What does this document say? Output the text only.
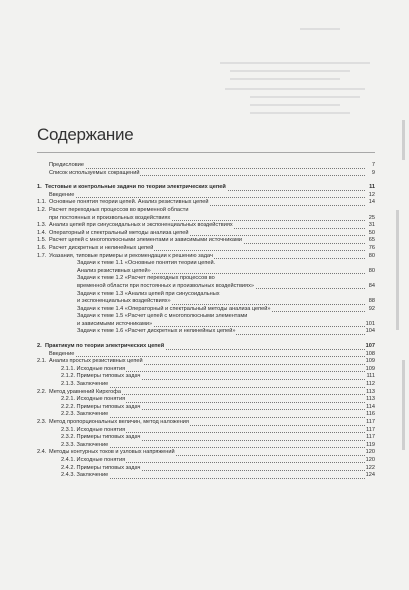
Содержание
Предисловие	7
Список используемых сокращений	9
1. Тестовые и контрольные задачи по теории электрических цепей	11
Введение	12
1.1. Основные понятия теории цепей. Анализ резистивных цепей	14
1.2. Расчет переходных процессов во временной области
при постоянных и произвольных воздействиях	25
1.3. Анализ цепей при синусоидальных и экспоненциальных воздействиях	31
1.4. Операторный и спектральный методы анализа цепей	50
1.5. Расчет цепей с многополюсными элементами и зависимыми источниками	65
1.6. Расчет дискретных и нелинейных цепей	76
1.7. Указания, типовые примеры и рекомендации к решению задач	80
Задачи к теме 1.1 «Основные понятия теории цепей.
Анализ резистивных цепей»	80
Задачи к теме 1.2 «Расчет переходных процессов во
временной области при постоянных и произвольных воздействиях»	84
Задачи к теме 1.3 «Анализ цепей при синусоидальных
и экспоненциальных воздействиях»	88
Задачи к теме 1.4 «Операторный и спектральный методы анализа цепей»	92
Задачи к теме 1.5 «Расчет цепей с многополюсными элементами
и зависимыми источниками»	101
Задачи к теме 1.6 «Расчет дискретных и нелинейных цепей»	104
2. Практикум по теории электрических цепей	107
Введение	108
2.1. Анализ простых резистивных цепей	109
2.1.1. Исходные понятия	109
2.1.2. Примеры типовых задач	111
2.1.3. Заключение	112
2.2. Метод уравнений Кирхгофа	113
2.2.1. Исходные понятия	113
2.2.2. Примеры типовых задач	114
2.2.3. Заключение	116
2.3. Метод пропорциональных величин, метод наложения	117
2.3.1. Исходные понятия	117
2.3.2. Примеры типовых задач	117
2.3.3. Заключение	119
2.4. Методы контурных токов и узловых напряжений	120
2.4.1. Исходные понятия	120
2.4.2. Примеры типовых задач	122
2.4.3. Заключение	124
